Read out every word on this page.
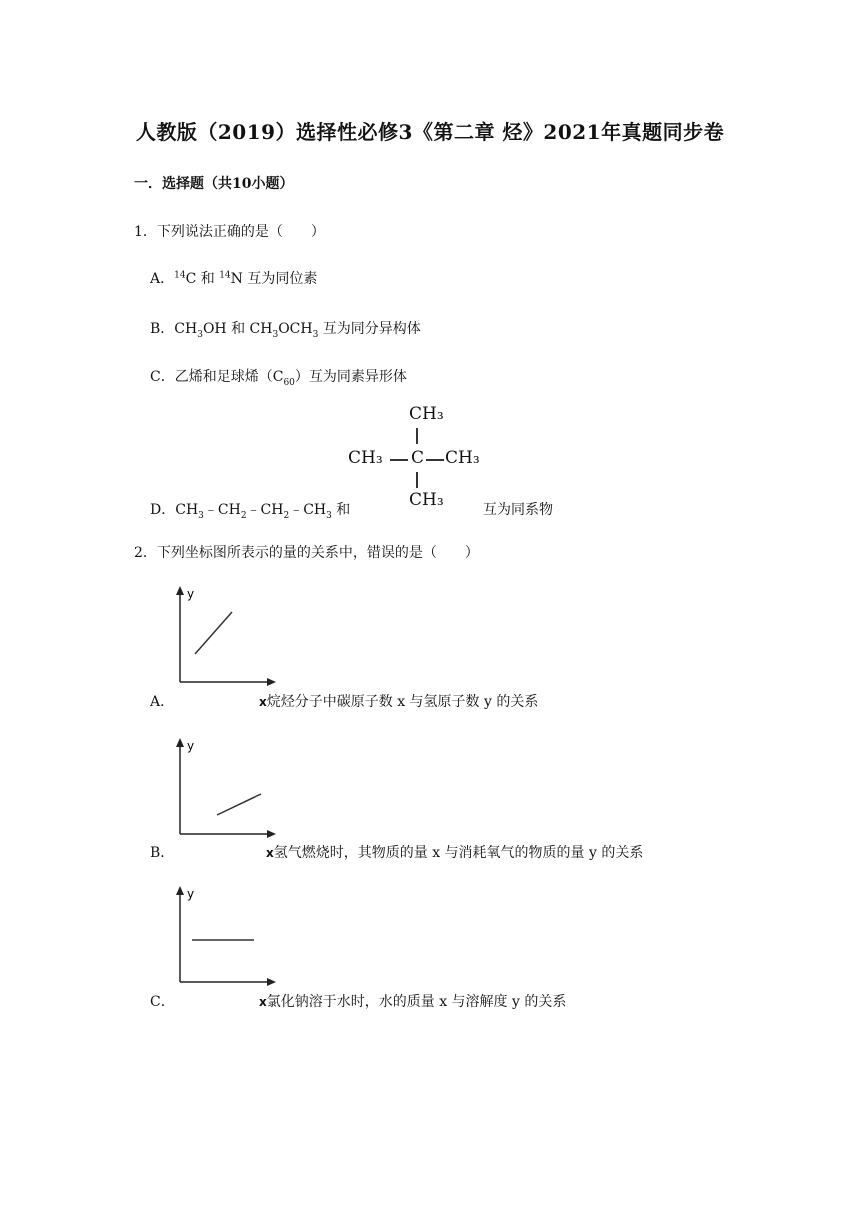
人教版（2019）选择性必修3《第二章 烃》2021年真题同步卷
一．选择题（共10小题）
1．下列说法正确的是（　　）
A．$^{14}$C 和 $^{14}$N 互为同位素
B．$CH_3OH$ 和 $CH_3OCH_3$ 互为同分异构体
C．乙烯和足球烯$(C_{60})$互为同素异形体
CH₃
CH₃ C CH₃
CH₃
D．$CH_3﹣CH_2﹣CH_2﹣CH_3$ 和	互为同系物
2．下列坐标图所表示的量的关系中，错误的是（　　）
y
A．	x烷烃分子中碳原子数 x 与氢原子数 y 的关系
y
B．	x氢气燃烧时，其物质的量 x 与消耗氧气的物质的量 y 的关系
y
C．	x氯化钠溶于水时，水的质量 x 与溶解度 y 的关系
